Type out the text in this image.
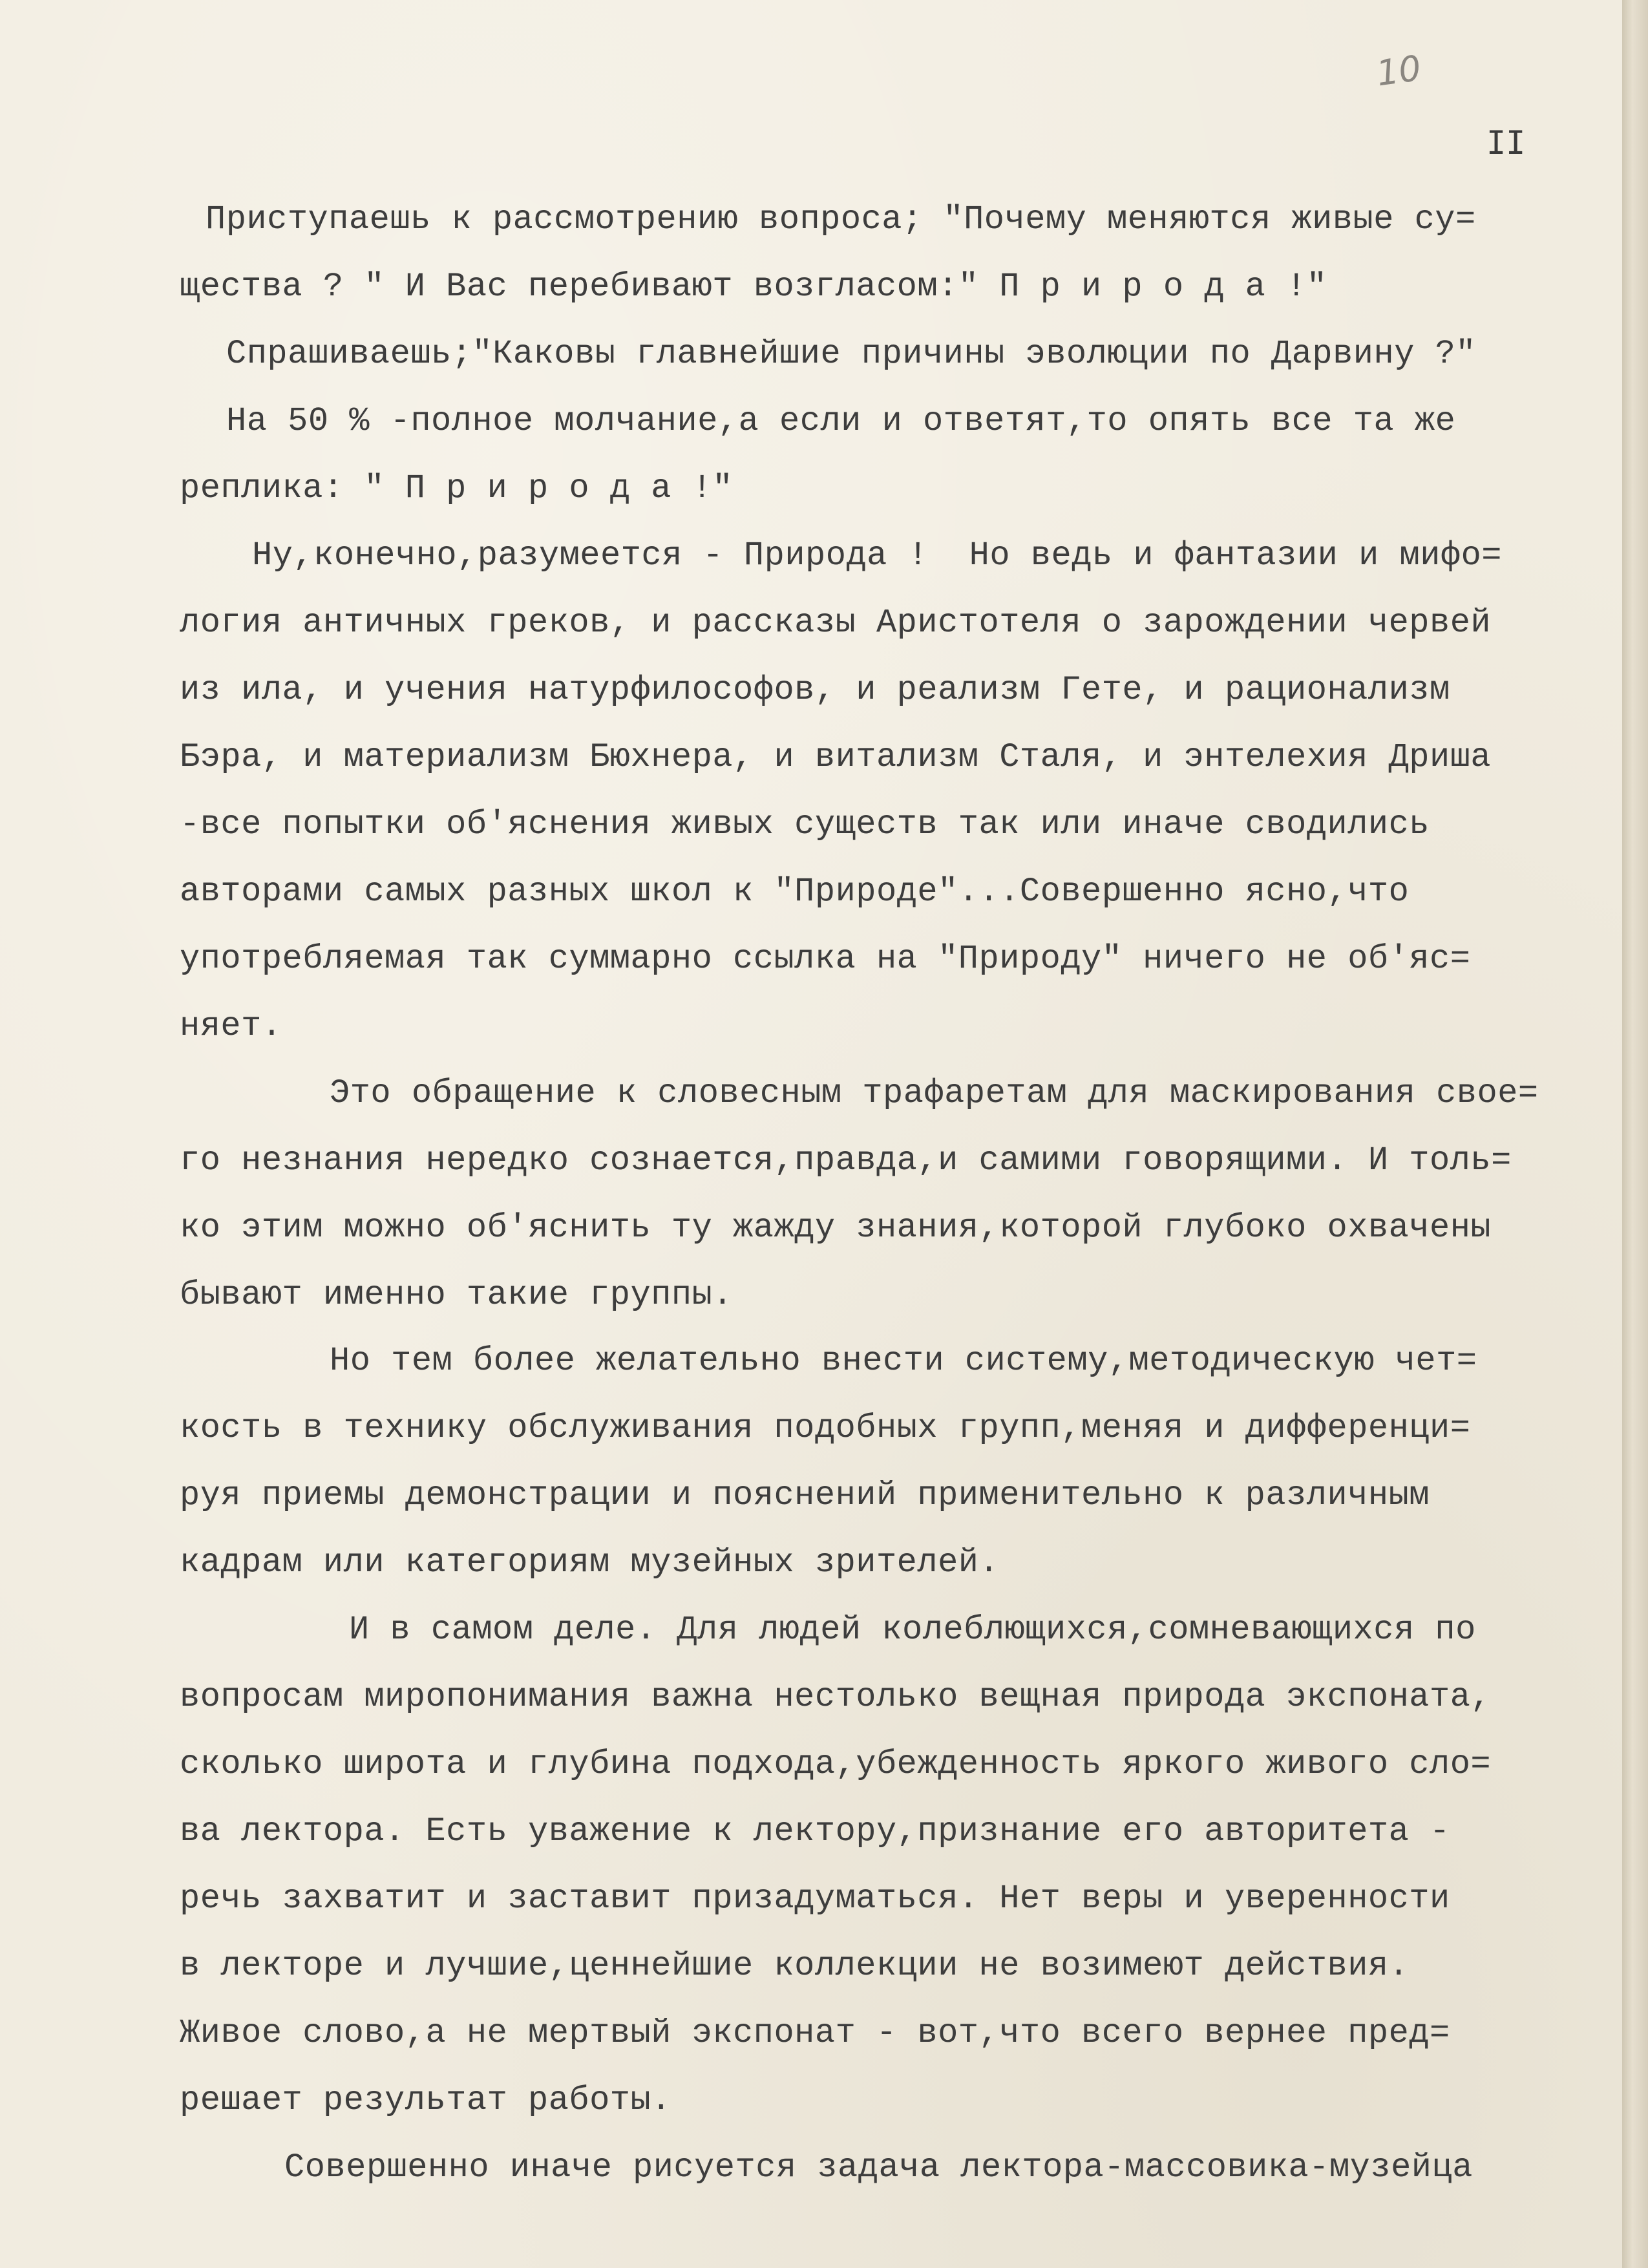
10
II
Приступаешь к рассмотрению вопроса; "Почему меняются живые су=
щества ? " И Вас перебивают возгласом:" П р и р о д а !"
Спрашиваешь;"Каковы главнейшие причины эволюции по Дарвину ?"
На 50 % -полное молчание,а если и ответят,то опять все та же
реплика: " П р и р о д а !"
Ну,конечно,разумеется - Природа !  Но ведь и фантазии и мифо=
логия античных греков, и рассказы Аристотеля о зарождении червей
из ила, и учения натурфилософов, и реализм Гете, и рационализм
Бэра, и материализм Бюхнера, и витализм Сталя, и энтелехия Дриша
-все попытки об'яснения живых существ так или иначе сводились
авторами самых разных школ к "Природе"...Совершенно ясно,что
употребляемая так суммарно ссылка на "Природу" ничего не об'яс=
няет.
Это обращение к словесным трафаретам для маскирования свое=
го незнания нередко сознается,правда,и самими говорящими. И толь=
ко этим можно об'яснить ту жажду знания,которой глубоко охвачены
бывают именно такие группы.
Но тем более желательно внести систему,методическую чет=
кость в технику обслуживания подобных групп,меняя и дифференци=
руя приемы демонстрации и пояснений применительно к различным
кадрам или категориям музейных зрителей.
И в самом деле. Для людей колеблющихся,сомневающихся по
вопросам миропонимания важна нестолько вещная природа экспоната,
сколько широта и глубина подхода,убежденность яркого живого сло=
ва лектора. Есть уважение к лектору,признание его авторитета -
речь захватит и заставит призадуматься. Нет веры и уверенности
в лекторе и лучшие,ценнейшие коллекции не возимеют действия.
Живое слово,а не мертвый экспонат - вот,что всего вернее пред=
решает результат работы.
Совершенно иначе рисуется задача лектора-массовика-музейца
